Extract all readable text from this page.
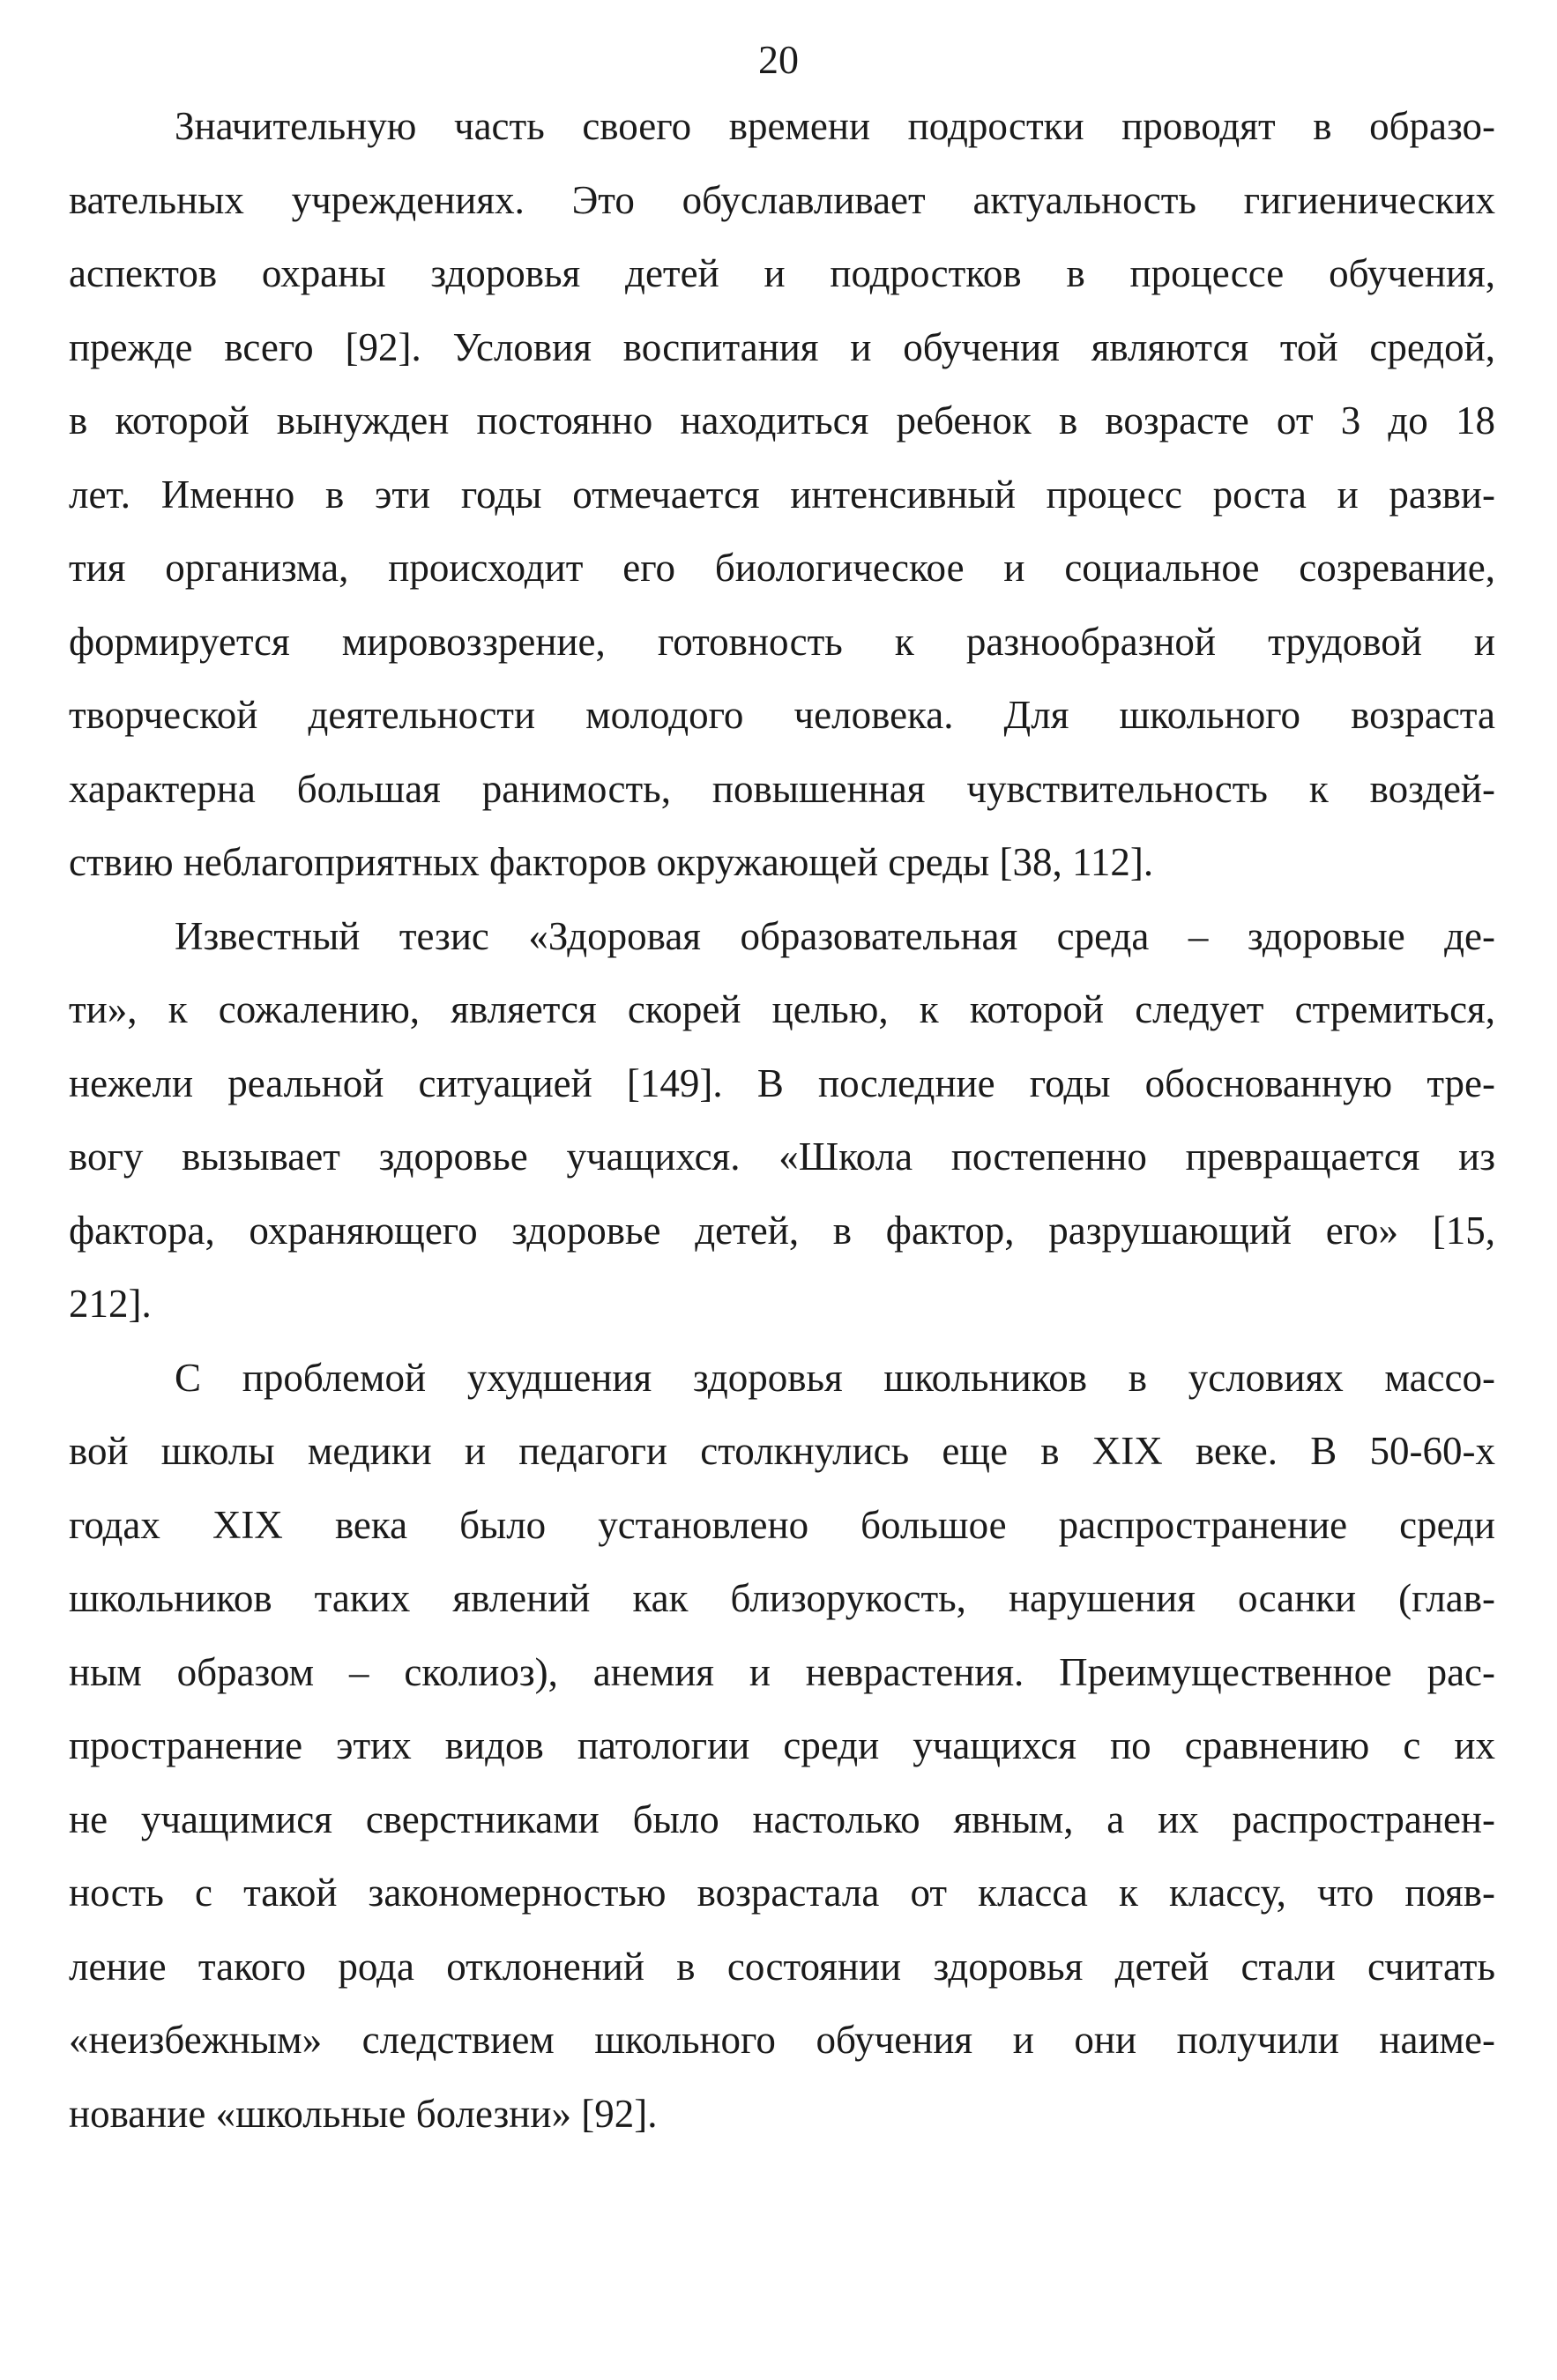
20
Значительную часть своего времени подростки проводят в образо-
вательных учреждениях. Это обуславливает актуальность гигиенических
аспектов охраны здоровья детей и подростков в процессе обучения,
прежде всего [92]. Условия воспитания и обучения являются той средой,
в которой вынужден постоянно находиться ребенок в возрасте от 3 до 18
лет. Именно в эти годы отмечается интенсивный процесс роста и разви-
тия организма, происходит его биологическое и социальное созревание,
формируется мировоззрение, готовность к разнообразной трудовой и
творческой деятельности молодого человека. Для школьного возраста
характерна большая ранимость, повышенная чувствительность к воздей-
ствию неблагоприятных факторов окружающей среды [38, 112].
Известный тезис «Здоровая образовательная среда – здоровые де-
ти», к сожалению, является скорей целью, к которой следует стремиться,
нежели реальной ситуацией [149]. В последние годы обоснованную тре-
вогу вызывает здоровье учащихся. «Школа постепенно превращается из
фактора, охраняющего здоровье детей, в фактор, разрушающий его» [15,
212].
С проблемой ухудшения здоровья школьников в условиях массо-
вой школы медики и педагоги столкнулись еще в XIX веке. В 50-60-х
годах XIX века было установлено большое распространение среди
школьников таких явлений как близорукость, нарушения осанки (глав-
ным образом – сколиоз), анемия и неврастения. Преимущественное рас-
пространение этих видов патологии среди учащихся по сравнению с их
не учащимися сверстниками было настолько явным, а их распространен-
ность с такой закономерностью возрастала от класса к классу, что появ-
ление такого рода отклонений в состоянии здоровья детей стали считать
«неизбежным» следствием школьного обучения и они получили наиме-
нование «школьные болезни» [92].
